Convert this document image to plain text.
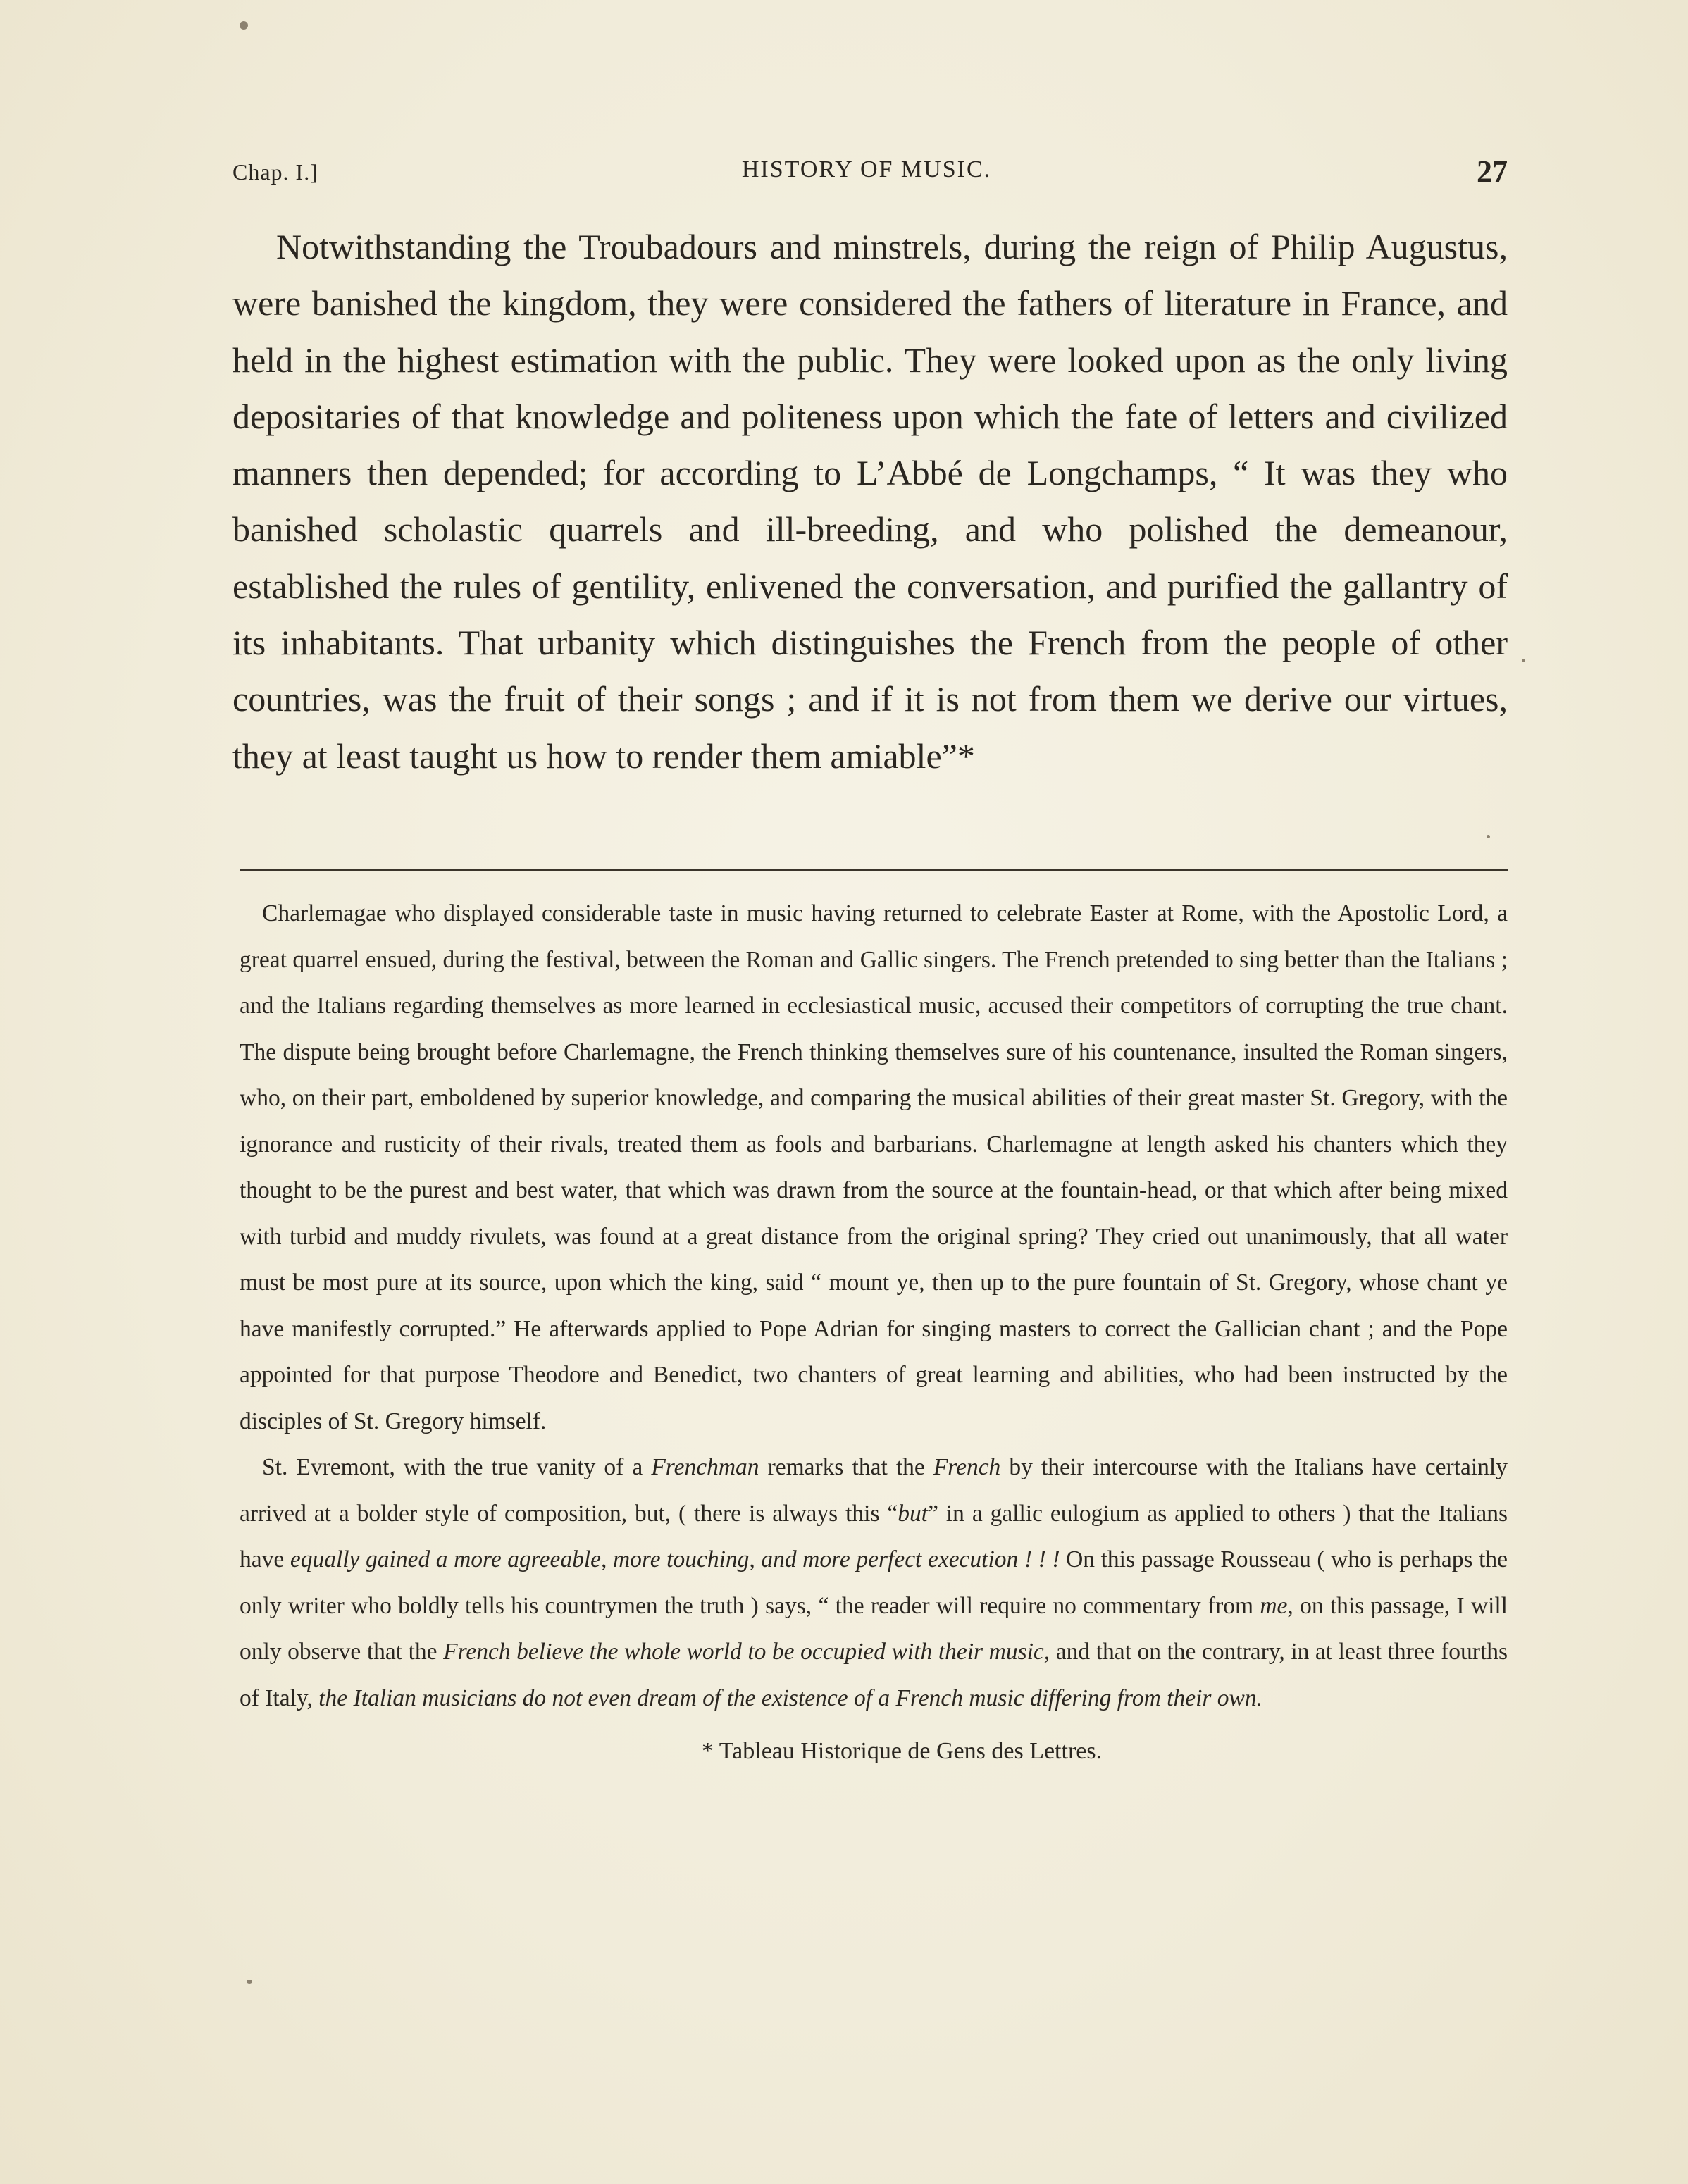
Chap. I.]	HISTORY OF MUSIC.	27

Notwithstanding the Troubadours and minstrels, during the reign of Philip Augustus, were banished the kingdom, they were considered the fathers of literature in France, and held in the highest estimation with the public. They were looked upon as the only living depositaries of that knowledge and politeness upon which the fate of letters and civilized manners then depended; for according to L’Abbé de Longchamps, “ It was they who banished scholastic quarrels and ill-breeding, and who polished the demeanour, established the rules of gentility, enlivened the conversation, and purified the gallantry of its inhabitants. That urbanity which distinguishes the French from the people of other countries, was the fruit of their songs ; and if it is not from them we derive our virtues, they at least taught us how to render them amiable”*

Charlemagae who displayed considerable taste in music having returned to celebrate Easter at Rome, with the Apostolic Lord, a great quarrel ensued, during the festival, between the Roman and Gallic singers. The French pretended to sing better than the Italians ; and the Italians regarding themselves as more learned in ecclesiastical music, accused their competitors of corrupting the true chant. The dispute being brought before Charlemagne, the French thinking themselves sure of his countenance, insulted the Roman singers, who, on their part, emboldened by superior knowledge, and comparing the musical abilities of their great master St. Gregory, with the ignorance and rusticity of their rivals, treated them as fools and barbarians. Charlemagne at length asked his chanters which they thought to be the purest and best water, that which was drawn from the source at the fountain-head, or that which after being mixed with turbid and muddy rivulets, was found at a great distance from the original spring? They cried out unanimously, that all water must be most pure at its source, upon which the king, said “ mount ye, then up to the pure fountain of St. Gregory, whose chant ye have manifestly corrupted.” He afterwards applied to Pope Adrian for singing masters to correct the Gallician chant ; and the Pope appointed for that purpose Theodore and Benedict, two chanters of great learning and abilities, who had been instructed by the disciples of St. Gregory himself.

St. Evremont, with the true vanity of a Frenchman remarks that the French by their intercourse with the Italians have certainly arrived at a bolder style of composition, but, ( there is always this “but” in a gallic eulogium as applied to others ) that the Italians have equally gained a more agreeable, more touching, and more perfect execution ! ! ! On this passage Rousseau ( who is perhaps the only writer who boldly tells his countrymen the truth ) says, “ the reader will require no commentary from me, on this passage, I will only observe that the French believe the whole world to be occupied with their music, and that on the contrary, in at least three fourths of Italy, the Italian musicians do not even dream of the existence of a French music differing from their own.

* Tableau Historique de Gens des Lettres.
